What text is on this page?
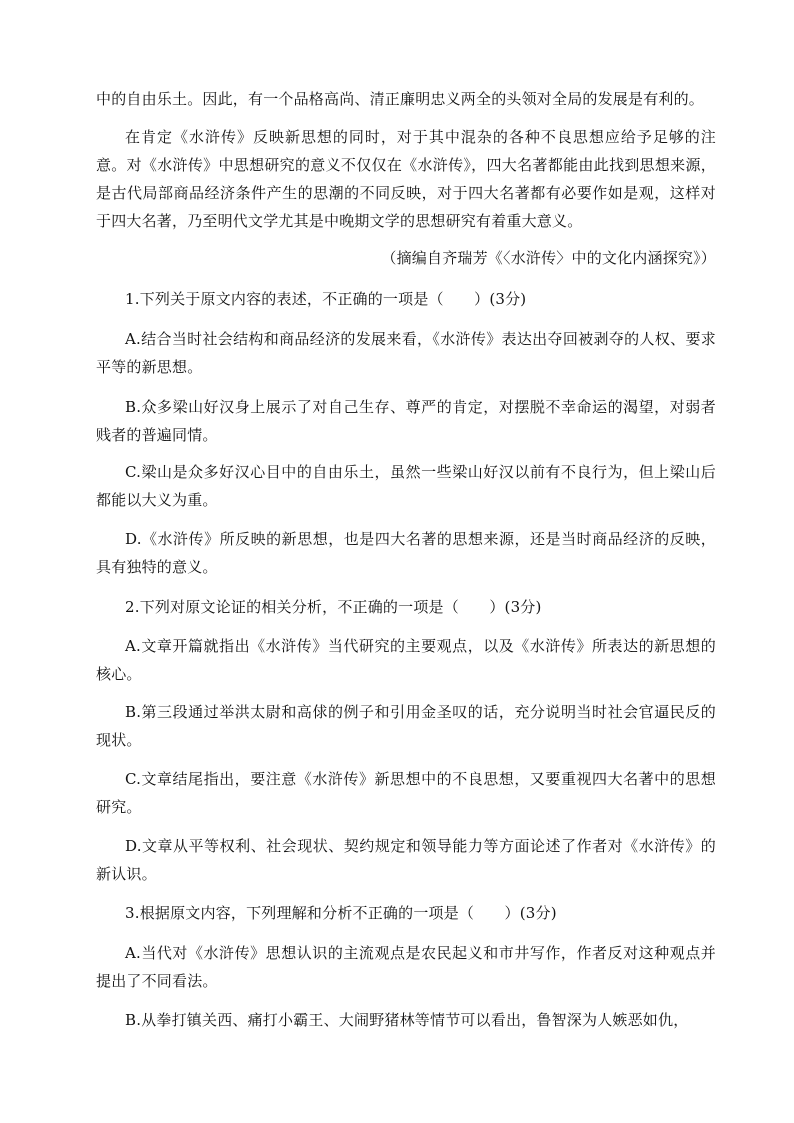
中的自由乐土。因此，有一个品格高尚、清正廉明忠义两全的头领对全局的发展是有利的。

在肯定《水浒传》反映新思想的同时，对于其中混杂的各种不良思想应给予足够的注意。对《水浒传》中思想研究的意义不仅仅在《水浒传》，四大名著都能由此找到思想来源，是古代局部商品经济条件产生的思潮的不同反映，对于四大名著都有必要作如是观，这样对于四大名著，乃至明代文学尤其是中晚期文学的思想研究有着重大意义。

（摘编自齐瑞芳《〈水浒传〉中的文化内涵探究》）

1.下列关于原文内容的表述，不正确的一项是（　　）(3分)

A.结合当时社会结构和商品经济的发展来看，《水浒传》表达出夺回被剥夺的人权、要求平等的新思想。

B.众多梁山好汉身上展示了对自己生存、尊严的肯定，对摆脱不幸命运的渴望，对弱者贱者的普遍同情。

C.梁山是众多好汉心目中的自由乐土，虽然一些梁山好汉以前有不良行为，但上梁山后都能以大义为重。

D.《水浒传》所反映的新思想，也是四大名著的思想来源，还是当时商品经济的反映，具有独特的意义。

2.下列对原文论证的相关分析，不正确的一项是（　　）(3分)

A.文章开篇就指出《水浒传》当代研究的主要观点，以及《水浒传》所表达的新思想的核心。

B.第三段通过举洪太尉和高俅的例子和引用金圣叹的话，充分说明当时社会官逼民反的现状。

C.文章结尾指出，要注意《水浒传》新思想中的不良思想，又要重视四大名著中的思想研究。

D.文章从平等权利、社会现状、契约规定和领导能力等方面论述了作者对《水浒传》的新认识。

3.根据原文内容，下列理解和分析不正确的一项是（　　）(3分)

A.当代对《水浒传》思想认识的主流观点是农民起义和市井写作，作者反对这种观点并提出了不同看法。

B.从拳打镇关西、痛打小霸王、大闹野猪林等情节可以看出，鲁智深为人嫉恶如仇，
